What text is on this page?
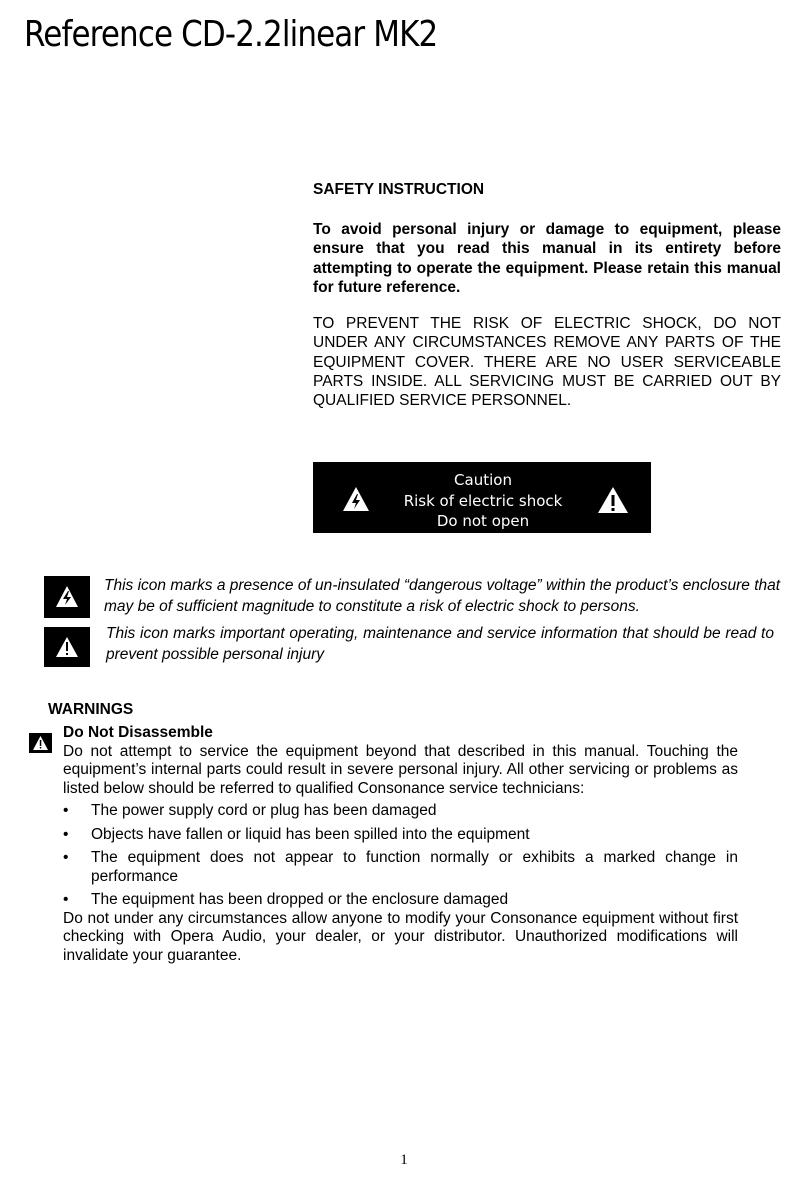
Reference CD-2.2linear MK2
SAFETY INSTRUCTION

To avoid personal injury or damage to equipment, please ensure that you read this manual in its entirety before attempting to operate the equipment. Please retain this manual for future reference.

TO PREVENT THE RISK OF ELECTRIC SHOCK, DO NOT UNDER ANY CIRCUMSTANCES REMOVE ANY PARTS OF THE EQUIPMENT COVER. THERE ARE NO USER SERVICEABLE PARTS INSIDE. ALL SERVICING MUST BE CARRIED OUT BY QUALIFIED SERVICE PERSONNEL.

Caution
Risk of electric shock
Do not open

This icon marks a presence of un-insulated “dangerous voltage” within the product’s enclosure that may be of sufficient magnitude to constitute a risk of electric shock to persons.

This icon marks important operating, maintenance and service information that should be read to prevent possible personal injury

WARNINGS
Do Not Disassemble

Do not attempt to service the equipment beyond that described in this manual. Touching the equipment’s internal parts could result in severe personal injury. All other servicing or problems as listed below should be referred to qualified Consonance service technicians:

• The power supply cord or plug has been damaged
• Objects have fallen or liquid has been spilled into the equipment
• The equipment does not appear to function normally or exhibits a marked change in performance
• The equipment has been dropped or the enclosure damaged

Do not under any circumstances allow anyone to modify your Consonance equipment without first checking with Opera Audio, your dealer, or your distributor. Unauthorized modifications will invalidate your guarantee.

1
